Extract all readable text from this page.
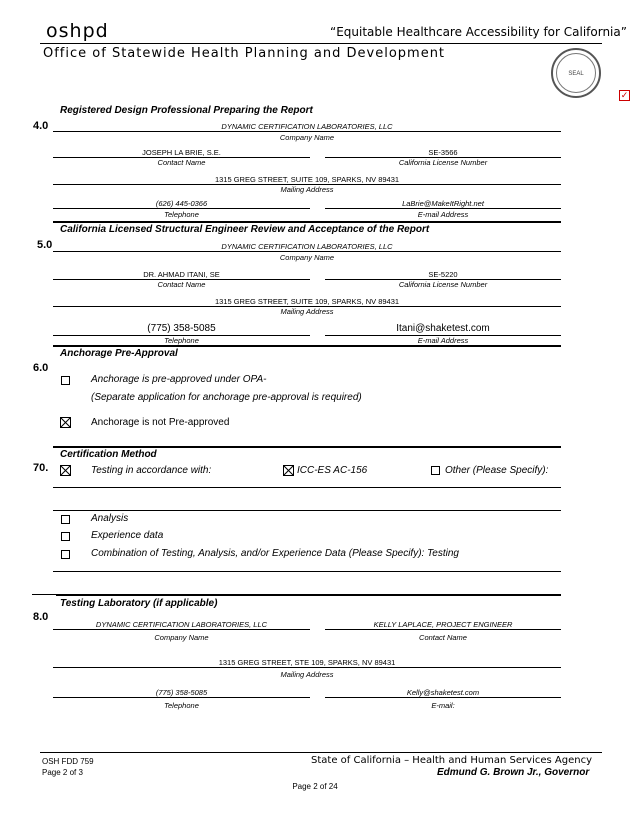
oshpd	“Equitable Healthcare Accessibility for California”
Office of Statewide Health Planning and Development
SEAL
✓
Registered Design Professional Preparing the Report
4.0	DYNAMIC CERTIFICATION LABORATORIES, LLC
Company Name
JOSEPH LA BRIE, S.E.
Contact Name
SE-3566
California License Number
1315 GREG STREET, SUITE 109, SPARKS, NV 89431
Mailing Address
(626) 445-0366
Telephone
LaBrie@MakeItRight.net
E-mail Address
California Licensed Structural Engineer Review and Acceptance of the Report
5.0	DYNAMIC CERTIFICATION LABORATORIES, LLC
Company Name
DR. AHMAD ITANI, SE
Contact Name
SE-5220
California License Number
1315 GREG STREET, SUITE 109, SPARKS, NV 89431
Mailing Address
(775) 358-5085
Telephone
Itani@shaketest.com
E-mail Address
Anchorage Pre-Approval
6.0
Anchorage is pre-approved under OPA-
(Separate application for anchorage pre-approval is required)
Anchorage is not Pre-approved
Certification Method
70.	Testing in accordance with:	ICC-ES AC-156	Other (Please Specify):
Analysis
Experience data
Combination of Testing, Analysis, and/or Experience Data (Please Specify): Testing
Testing Laboratory (if applicable)
8.0
DYNAMIC CERTIFICATION LABORATORIES, LLC
Company Name
KELLY LAPLACE, PROJECT ENGINEER
Contact Name
1315 GREG STREET, STE 109, SPARKS, NV 89431
Mailing Address
(775) 358-5085
Telephone
Kelly@shaketest.com
E-mail:
OSH FDD 759
Page 2 of 3
State of California – Health and Human Services Agency
Edmund G. Brown Jr., Governor
Page 2 of 24
